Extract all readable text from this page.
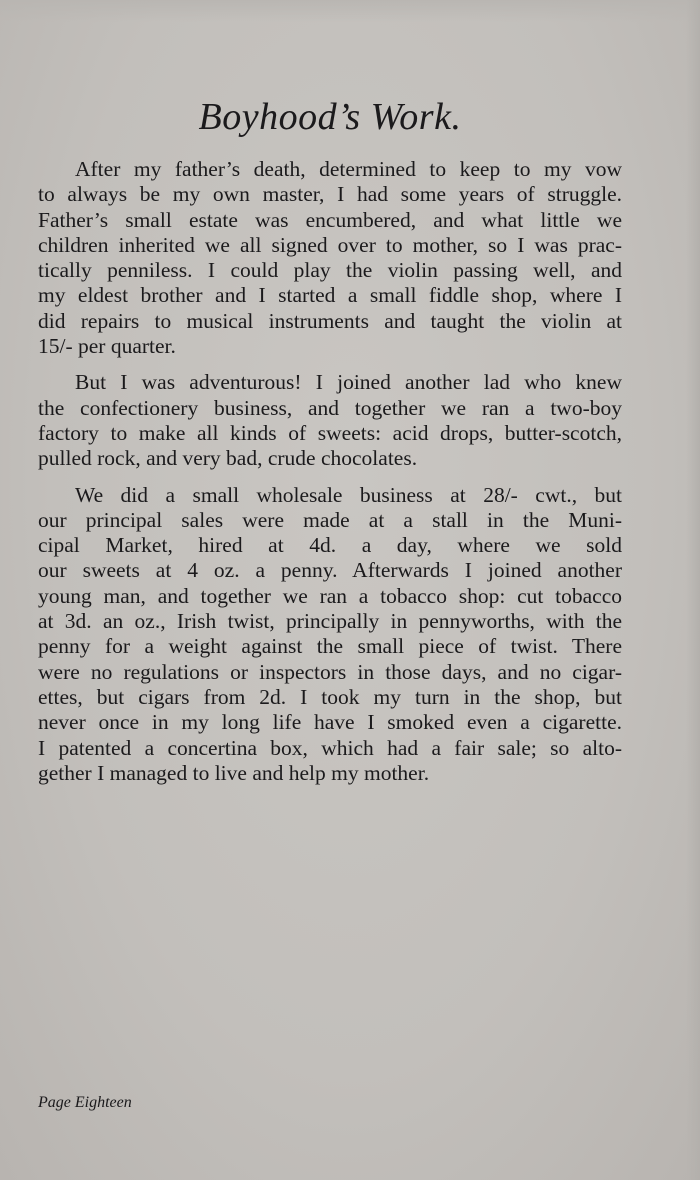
Boyhood’s Work.

After my father’s death, determined to keep to my vow
to always be my own master, I had some years of struggle.
Father’s small estate was encumbered, and what little we
children inherited we all signed over to mother, so I was prac-
tically penniless. I could play the violin passing well, and
my eldest brother and I started a small fiddle shop, where I
did repairs to musical instruments and taught the violin at
15/- per quarter.

But I was adventurous! I joined another lad who knew
the confectionery business, and together we ran a two-boy
factory to make all kinds of sweets: acid drops, butter-scotch,
pulled rock, and very bad, crude chocolates.

We did a small wholesale business at 28/- cwt., but
our principal sales were made at a stall in the Muni-
cipal Market, hired at 4d. a day, where we sold
our sweets at 4 oz. a penny. Afterwards I joined another
young man, and together we ran a tobacco shop: cut tobacco
at 3d. an oz., Irish twist, principally in pennyworths, with the
penny for a weight against the small piece of twist. There
were no regulations or inspectors in those days, and no cigar-
ettes, but cigars from 2d. I took my turn in the shop, but
never once in my long life have I smoked even a cigarette.
I patented a concertina box, which had a fair sale; so alto-
gether I managed to live and help my mother.

Page Eighteen
